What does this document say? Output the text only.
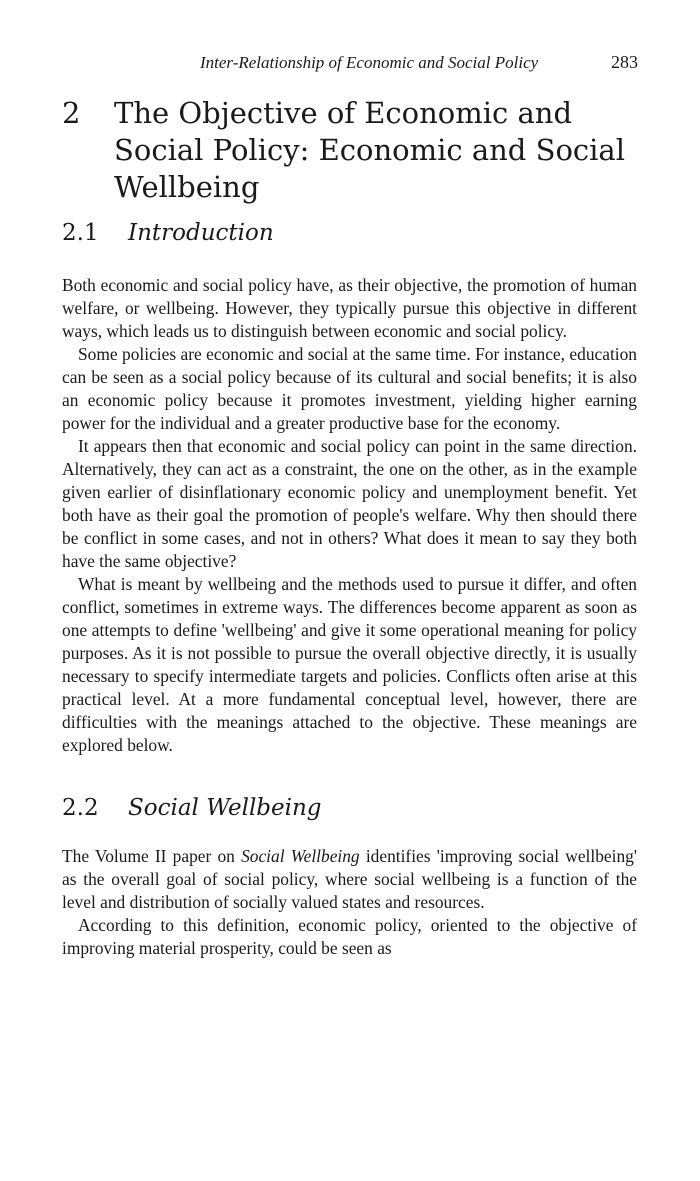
Inter-Relationship of Economic and Social Policy	283
2 The Objective of Economic and Social Policy: Economic and Social Wellbeing
2.1 Introduction

Both economic and social policy have, as their objective, the promotion of human welfare, or wellbeing. However, they typically pursue this objective in different ways, which leads us to distinguish between economic and social policy.

Some policies are economic and social at the same time. For instance, education can be seen as a social policy because of its cultural and social benefits; it is also an economic policy because it promotes investment, yielding higher earning power for the individual and a greater productive base for the economy.

It appears then that economic and social policy can point in the same direction. Alternatively, they can act as a constraint, the one on the other, as in the example given earlier of disinflationary economic policy and unemployment benefit. Yet both have as their goal the promotion of people's welfare. Why then should there be conflict in some cases, and not in others? What does it mean to say they both have the same objective?

What is meant by wellbeing and the methods used to pursue it differ, and often conflict, sometimes in extreme ways. The differences become apparent as soon as one attempts to define 'wellbeing' and give it some operational meaning for policy purposes. As it is not possible to pursue the overall objective directly, it is usually necessary to specify intermediate targets and policies. Conflicts often arise at this practical level. At a more fundamental conceptual level, however, there are difficulties with the meanings attached to the objective. These meanings are explored below.

2.2 Social Wellbeing

The Volume II paper on Social Wellbeing identifies 'improving social wellbeing' as the overall goal of social policy, where social wellbeing is a function of the level and distribution of socially valued states and resources.

According to this definition, economic policy, oriented to the objective of improving material prosperity, could be seen as
